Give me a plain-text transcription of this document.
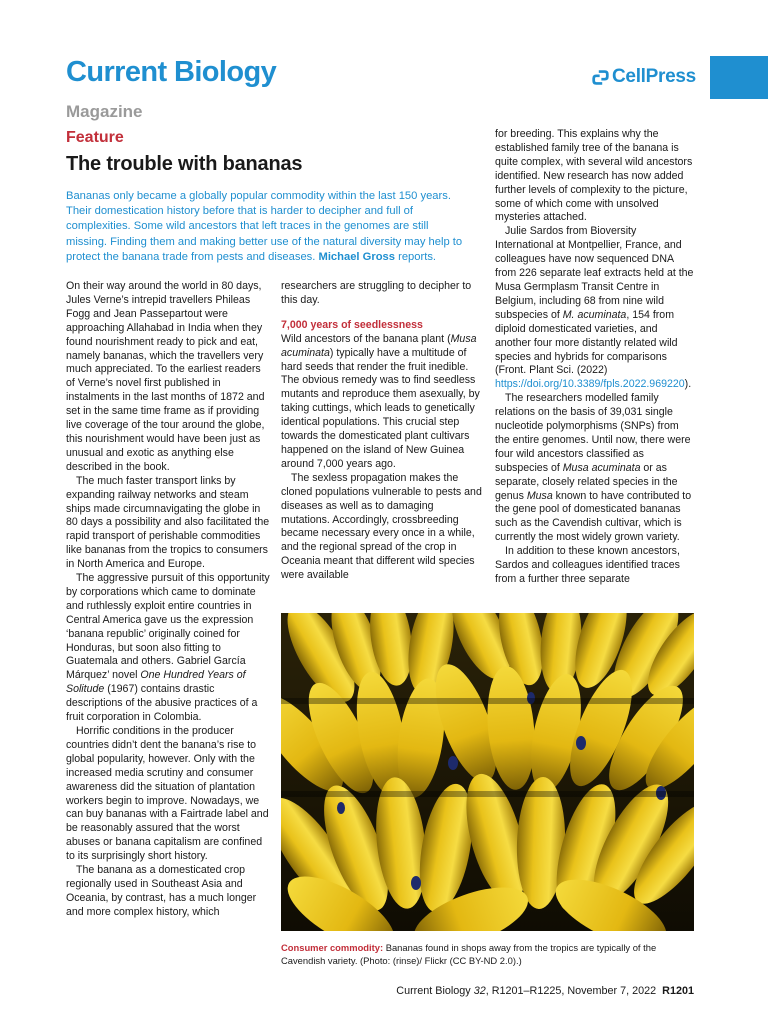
Current Biology	CellPress
Magazine
Feature
The trouble with bananas
Bananas only became a globally popular commodity within the last 150 years. Their domestication history before that is harder to decipher and full of complexities. Some wild ancestors that left traces in the genomes are still missing. Finding them and making better use of the natural diversity may help to protect the banana trade from pests and diseases. Michael Gross reports.

On their way around the world in 80 days, Jules Verne’s intrepid travellers Phileas Fogg and Jean Passepartout were approaching Allahabad in India when they found nourishment ready to pick and eat, namely bananas, which the travellers very much appreciated. To the earliest readers of Verne’s novel first published in instalments in the last months of 1872 and set in the same time frame as if providing live coverage of the tour around the globe, this nourishment would have been just as unusual and exotic as anything else described in the book.

The much faster transport links by expanding railway networks and steam ships made circumnavigating the globe in 80 days a possibility and also facilitated the rapid transport of perishable commodities like bananas from the tropics to consumers in North America and Europe.

The aggressive pursuit of this opportunity by corporations which came to dominate and ruthlessly exploit entire countries in Central America gave us the expression ‘banana republic’ originally coined for Honduras, but soon also fitting to Guatemala and others. Gabriel García Márquez’ novel One Hundred Years of Solitude (1967) contains drastic descriptions of the abusive practices of a fruit corporation in Colombia.

Horrific conditions in the producer countries didn’t dent the banana’s rise to global popularity, however. Only with the increased media scrutiny and consumer awareness did the situation of plantation workers begin to improve. Nowadays, we can buy bananas with a Fairtrade label and be reasonably assured that the worst abuses or banana capitalism are confined to its surprisingly short history.

The banana as a domesticated crop regionally used in Southeast Asia and Oceania, by contrast, has a much longer and more complex history, which

researchers are struggling to decipher to this day.

7,000 years of seedlessness

Wild ancestors of the banana plant (Musa acuminata) typically have a multitude of hard seeds that render the fruit inedible. The obvious remedy was to find seedless mutants and reproduce them asexually, by taking cuttings, which leads to genetically identical populations. This crucial step towards the domesticated plant cultivars happened on the island of New Guinea around 7,000 years ago.

The sexless propagation makes the cloned populations vulnerable to pests and diseases as well as to damaging mutations. Accordingly, crossbreeding became necessary every once in a while, and the regional spread of the crop in Oceania meant that different wild species were available

for breeding. This explains why the established family tree of the banana is quite complex, with several wild ancestors identified. New research has now added further levels of complexity to the picture, some of which come with unsolved mysteries attached.

Julie Sardos from Bioversity International at Montpellier, France, and colleagues have now sequenced DNA from 226 separate leaf extracts held at the Musa Germplasm Transit Centre in Belgium, including 68 from nine wild subspecies of M. acuminata, 154 from diploid domesticated varieties, and another four more distantly related wild species and hybrids for comparisons (Front. Plant Sci. (2022) https://doi.org/10.3389/fpls.2022.969220).

The researchers modelled family relations on the basis of 39,031 single nucleotide polymorphisms (SNPs) from the entire genomes. Until now, there were four wild ancestors classified as subspecies of Musa acuminata or as separate, closely related species in the genus Musa known to have contributed to the gene pool of domesticated bananas such as the Cavendish cultivar, which is currently the most widely grown variety.

In addition to these known ancestors, Sardos and colleagues identified traces from a further three separate

Consumer commodity: Bananas found in shops away from the tropics are typically of the Cavendish variety. (Photo: (rinse)/ Flickr (CC BY-ND 2.0).)
Current Biology 32, R1201–R1225, November 7, 2022 R1201
